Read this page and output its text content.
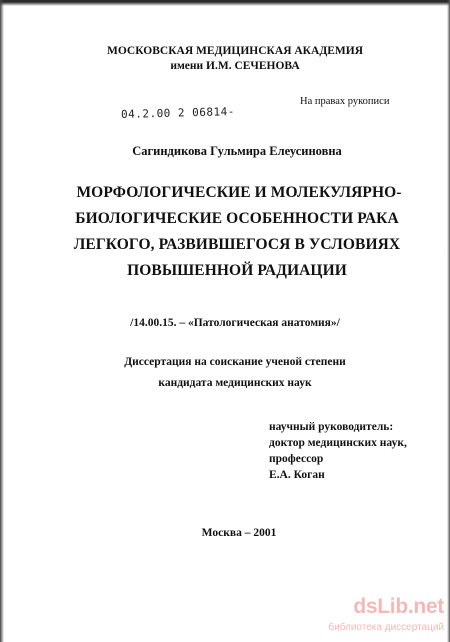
МОСКОВСКАЯ МЕДИЦИНСКАЯ АКАДЕМИЯ
имени И.М. СЕЧЕНОВА
На правах рукописи
04.2.00 2 06814-
Сагиндикова Гульмира Елеусиновна
МОРФОЛОГИЧЕСКИЕ И МОЛЕКУЛЯРНО-
БИОЛОГИЧЕСКИЕ ОСОБЕННОСТИ РАКА
ЛЕГКОГО, РАЗВИВШЕГОСЯ В УСЛОВИЯХ
ПОВЫШЕННОЙ РАДИАЦИИ
/14.00.15. – «Патологическая анатомия»/
Диссертация на соискание ученой степени
кандидата медицинских наук
научный руководитель:
доктор медицинских наук,
профессор
Е.А. Коган
Москва – 2001
dsLib.net
библиотека диссертаций
